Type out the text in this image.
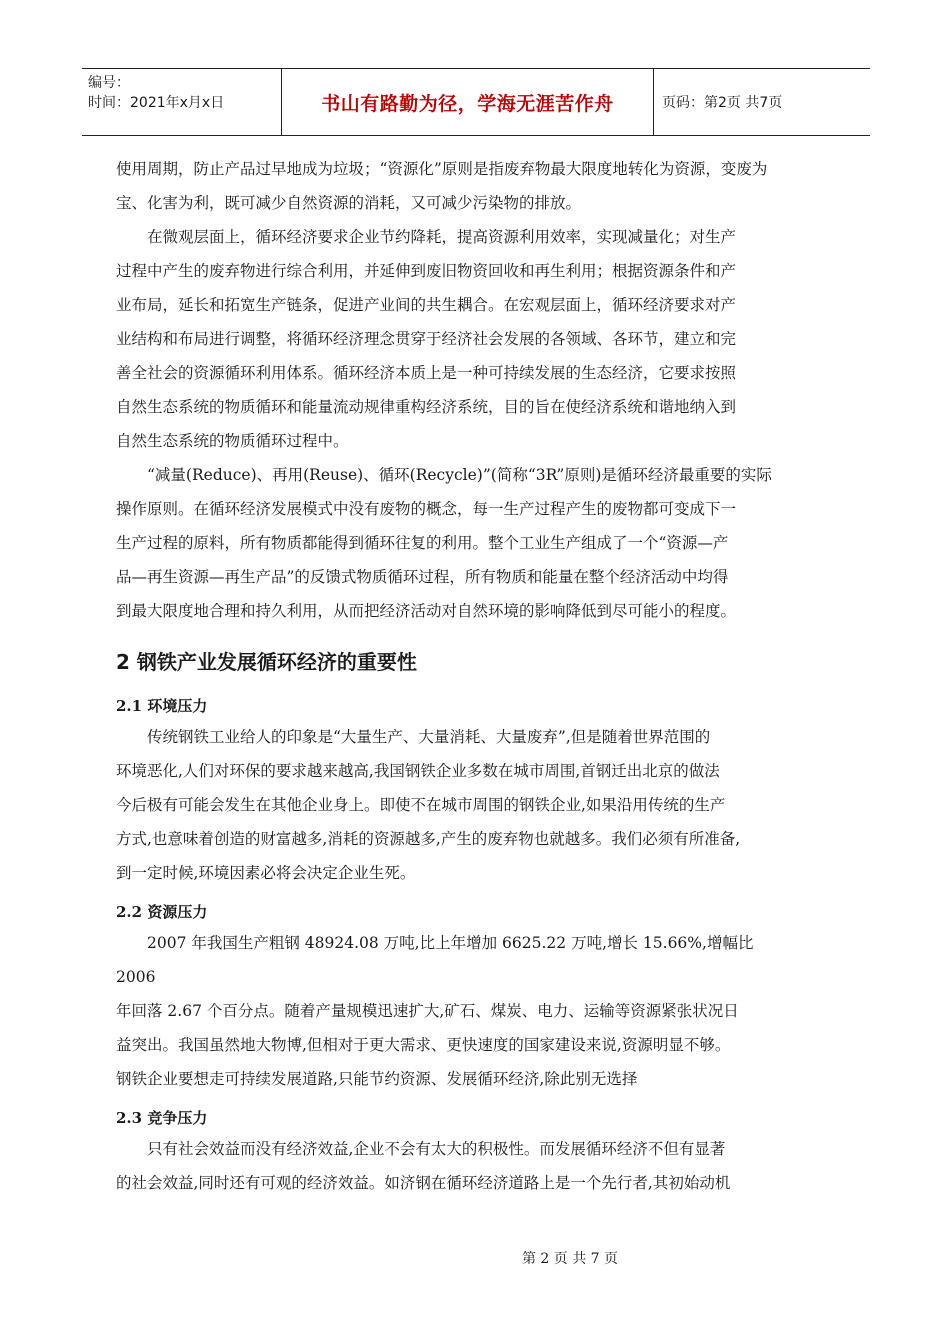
编号：
时间：2021年x月x日	书山有路勤为径，学海无涯苦作舟	页码：第2页 共7页

使用周期，防止产品过早地成为垃圾；“资源化”原则是指废弃物最大限度地转化为资源，变废为

宝、化害为利，既可减少自然资源的消耗，又可减少污染物的排放。

　　在微观层面上，循环经济要求企业节约降耗，提高资源利用效率，实现减量化；对生产

过程中产生的废弃物进行综合利用，并延伸到废旧物资回收和再生利用；根据资源条件和产

业布局，延长和拓宽生产链条，促进产业间的共生耦合。在宏观层面上，循环经济要求对产

业结构和布局进行调整，将循环经济理念贯穿于经济社会发展的各领域、各环节，建立和完

善全社会的资源循环利用体系。循环经济本质上是一种可持续发展的生态经济，它要求按照

自然生态系统的物质循环和能量流动规律重构经济系统，目的旨在使经济系统和谐地纳入到

自然生态系统的物质循环过程中。

　　“减量(Reduce)、再用(Reuse)、循环(Recycle)”(简称“3R”原则)是循环经济最重要的实际

操作原则。在循环经济发展模式中没有废物的概念，每一生产过程产生的废物都可变成下一

生产过程的原料，所有物质都能得到循环往复的利用。整个工业生产组成了一个“资源—产

品—再生资源—再生产品”的反馈式物质循环过程，所有物质和能量在整个经济活动中均得

到最大限度地合理和持久利用，从而把经济活动对自然环境的影响降低到尽可能小的程度。

2 钢铁产业发展循环经济的重要性
2.1 环境压力

　　传统钢铁工业给人的印象是“大量生产、大量消耗、大量废弃”,但是随着世界范围的

环境恶化,人们对环保的要求越来越高,我国钢铁企业多数在城市周围,首钢迁出北京的做法

今后极有可能会发生在其他企业身上。即使不在城市周围的钢铁企业,如果沿用传统的生产

方式,也意味着创造的财富越多,消耗的资源越多,产生的废弃物也就越多。我们必须有所准备,

到一定时候,环境因素必将会决定企业生死。

2.2 资源压力

　　2007 年我国生产粗钢 48924.08 万吨,比上年增加 6625.22 万吨,增长 15.66%,增幅比

2006

年回落 2.67 个百分点。随着产量规模迅速扩大,矿石、煤炭、电力、运输等资源紧张状况日

益突出。我国虽然地大物博,但相对于更大需求、更快速度的国家建设来说,资源明显不够。

钢铁企业要想走可持续发展道路,只能节约资源、发展循环经济,除此别无选择

2.3 竞争压力

　　只有社会效益而没有经济效益,企业不会有太大的积极性。而发展循环经济不但有显著

的社会效益,同时还有可观的经济效益。如济钢在循环经济道路上是一个先行者,其初始动机

第 2 页 共 7 页
